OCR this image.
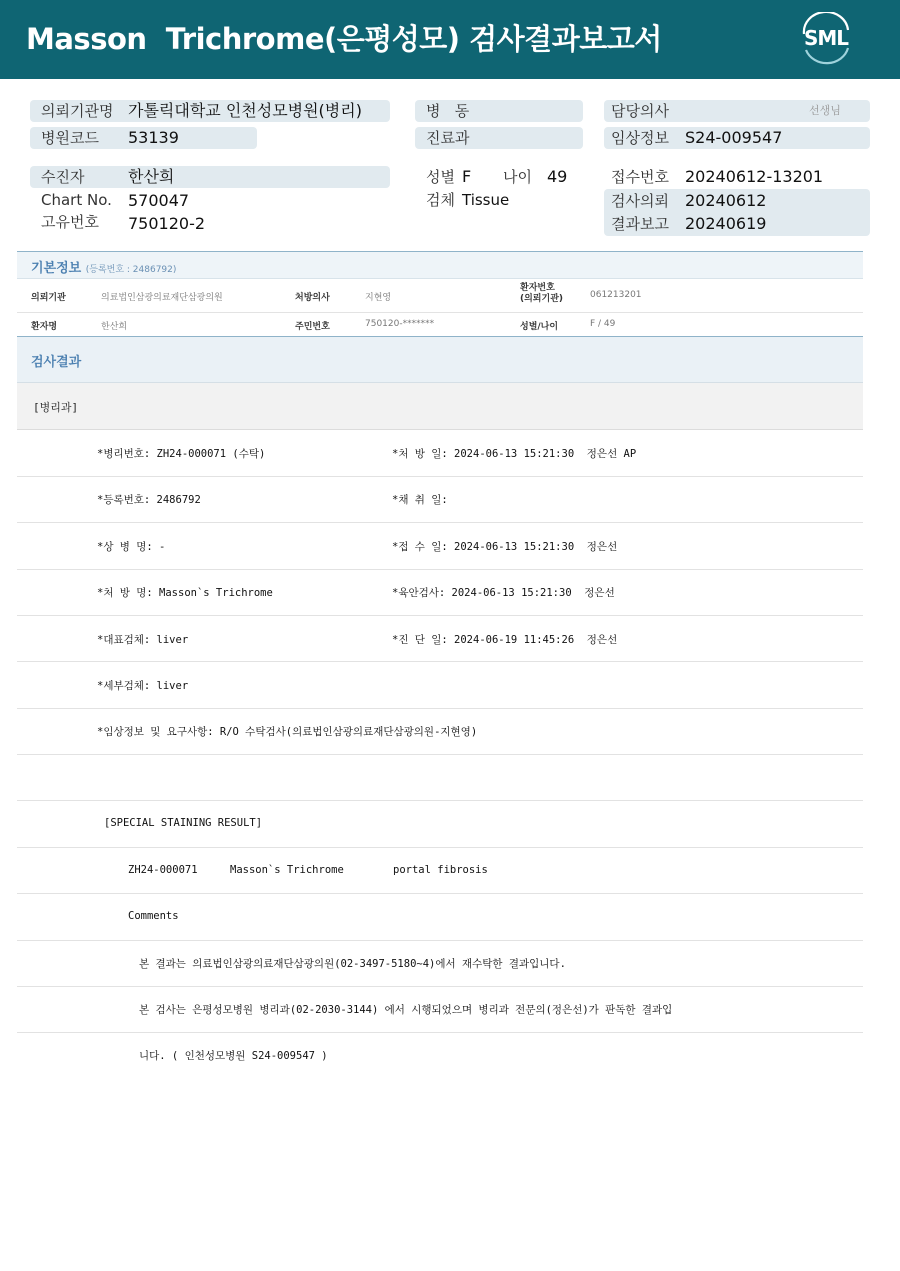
Masson  Trichrome(은평성모) 검사결과보고서	SML
의뢰기관명 가톨릭대학교 인천성모병원(병리)
병원코드 53139
수진자	한산희
Chart No. 570047
고유번호 750120-2
병   동
진료과
성별 F 나이 49
검체 Tissue
담당의사	선생님
임상정보 S24-009547
접수번호 20240612-13201
검사의뢰 20240612
결과보고 20240619
기본정보 (등록번호 : 2486792)
의뢰기관	의료법인삼광의료재단삼광의원	처방의사	지현영
환자번호
(의뢰기관)	061213201
환자명	한산희	주민번호	750120-*******	성별/나이	F / 49
검사결과
[병리과]
*병리번호: ZH24-000071 (수탁)	*처 방 일: 2024-06-13 15:21:30  정은선 AP
*등록번호: 2486792	*채 취 일:
*상 병 명: -	*접 수 일: 2024-06-13 15:21:30  정은선
*처 방 명: Masson`s Trichrome	*육안검사: 2024-06-13 15:21:30  정은선
*대표검체: liver	*진 단 일: 2024-06-19 11:45:26  정은선
*세부검체: liver
*임상정보 및 요구사항: R/O 수탁검사(의료법인삼광의료재단삼광의원-지현영)
[SPECIAL STAINING RESULT]
ZH24-000071	Masson`s Trichrome	portal fibrosis
Comments
본 결과는 의료법인삼광의료재단삼광의원(02-3497-5180~4)에서 재수탁한 결과입니다.
본 검사는 은평성모병원 병리과(02-2030-3144) 에서 시행되었으며 병리과 전문의(정은선)가 판독한 결과입
니다. ( 인천성모병원 S24-009547 )
